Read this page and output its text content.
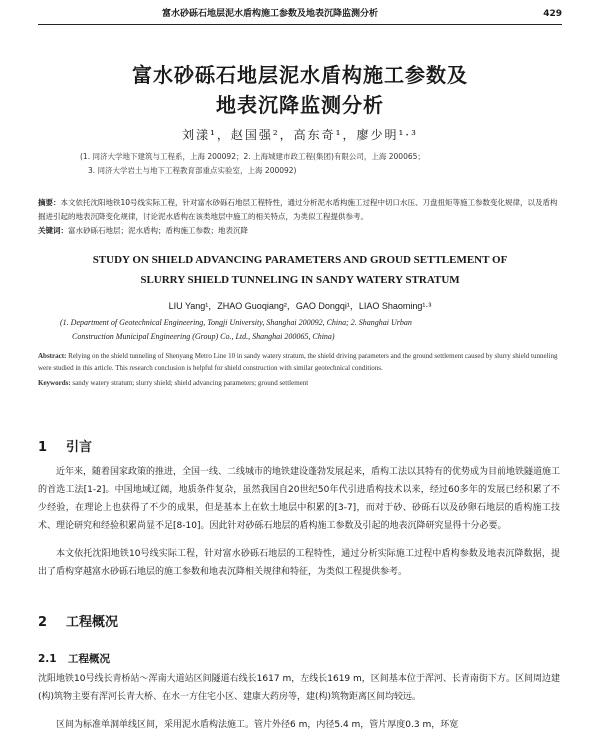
富水砂砾石地层泥水盾构施工参数及地表沉降监测分析	429
富水砂砾石地层泥水盾构施工参数及
地表沉降监测分析
刘漾¹，赵国强²，高东奇¹，廖少明¹·³
(1. 同济大学地下建筑与工程系，上海 200092；2. 上海城建市政工程(集团)有限公司，上海 200065；
3. 同济大学岩土与地下工程教育部重点实验室，上海 200092)
摘要：本文依托沈阳地铁10号线实际工程，针对富水砂砾石地层工程特性，通过分析泥水盾构施工过程中切口水压、刀盘扭矩等施工参数变化规律，以及盾构掘进引起的地表沉降变化规律，讨论泥水盾构在该类地层中施工的相关特点，为类似工程提供参考。
关键词：富水砂砾石地层；泥水盾构；盾构施工参数；地表沉降
STUDY ON SHIELD ADVANCING PARAMETERS AND GROUD SETTLEMENT OF
SLURRY SHIELD TUNNELING IN SANDY WATERY STRATUM
LIU Yang¹，ZHAO Guoqiang²，GAO Dongqi¹，LIAO Shaoming¹·³
(1. Department of Geotechnical Engineering, Tongji University, Shanghai 200092, China; 2. Shanghai Urban
Construction Municipal Engineering (Group) Co., Ltd., Shanghai 200065, China)
Abstract: Relying on the shield tunneling of Shenyang Metro Line 10 in sandy watery stratum, the shield driving parameters and the ground settlement caused by slurry shield tunneling were studied in this article. This research conclusion is helpful for shield construction with similar geotechnical conditions.
Keywords: sandy watery stratum; slurry shield; shield advancing parameters; ground settlement
1 引言
近年来，随着国家政策的推进，全国一线、二线城市的地铁建设蓬勃发展起来，盾构工法以其特有的优势成为目前地铁隧道施工的首选工法[1-2]。中国地域辽阔，地质条件复杂，虽然我国自20世纪50年代引进盾构技术以来，经过60多年的发展已经积累了不少经验，在理论上也获得了不少的成果，但是基本上在软土地层中积累的[3-7]，而对于砂、砂砾石以及砂卵石地层的盾构施工技术、理论研究和经验积累尚显不足[8-10]。因此针对砂砾石地层的盾构施工参数及引起的地表沉降研究显得十分必要。
本文依托沈阳地铁10号线实际工程，针对富水砂砾石地层的工程特性，通过分析实际施工过程中盾构参数及地表沉降数据，提出了盾构穿越富水砂砾石地层的施工参数和地表沉降相关规律和特征，为类似工程提供参考。
2 工程概况
2.1 工程概况
沈阳地铁10号线长青桥站～浑南大道站区间隧道右线长1617 m，左线长1619 m，区间基本位于浑河、长青南街下方。区间周边建(构)筑物主要有浑河长青大桥、在水一方住宅小区、建康大药房等，建(构)筑物距离区间均较远。
区间为标准单洞单线区间，采用泥水盾构法施工。管片外径6 m，内径5.4 m，管片厚度0.3 m，环宽
